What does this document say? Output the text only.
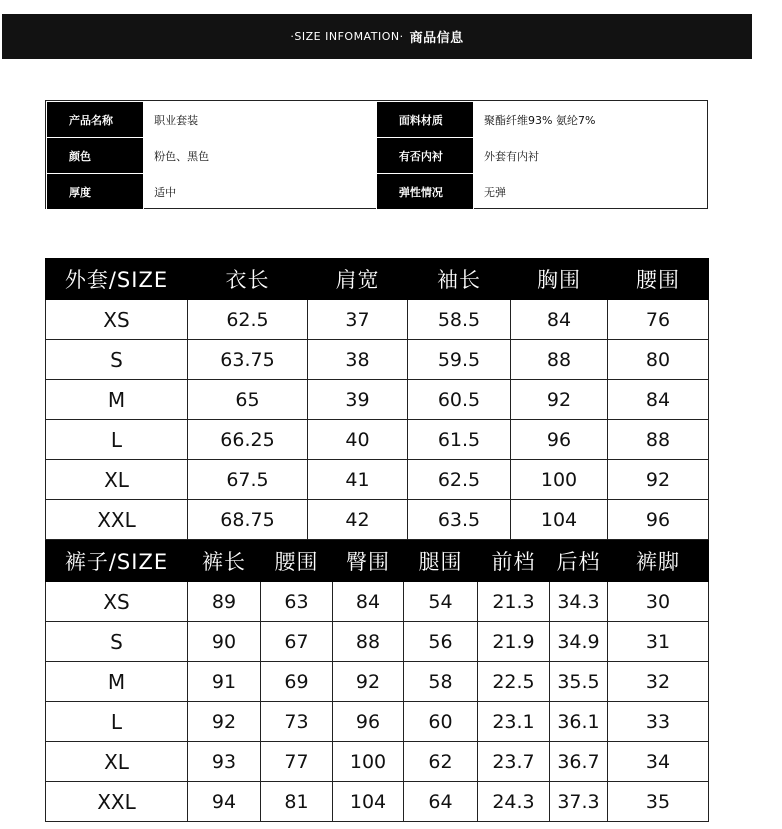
·SIZE INFOMATION· 商品信息
产品名称	职业套装	面料材质	聚酯纤维93% 氨纶7%
颜色	粉色、黑色	有否内衬	外套有内衬
厚度	适中	弹性情况	无弹
外套/SIZE	衣长	肩宽	袖长	胸围	腰围
XS	62.5	37	58.5	84	76
S	63.75	38	59.5	88	80
M	65	39	60.5	92	84
L	66.25	40	61.5	96	88
XL	67.5	41	62.5	100	92
XXL	68.75	42	63.5	104	96
裤子/SIZE	裤长	腰围	臀围	腿围	前档	后档	裤脚
XS	89	63	84	54	21.3	34.3	30
S	90	67	88	56	21.9	34.9	31
M	91	69	92	58	22.5	35.5	32
L	92	73	96	60	23.1	36.1	33
XL	93	77	100	62	23.7	36.7	34
XXL	94	81	104	64	24.3	37.3	35
